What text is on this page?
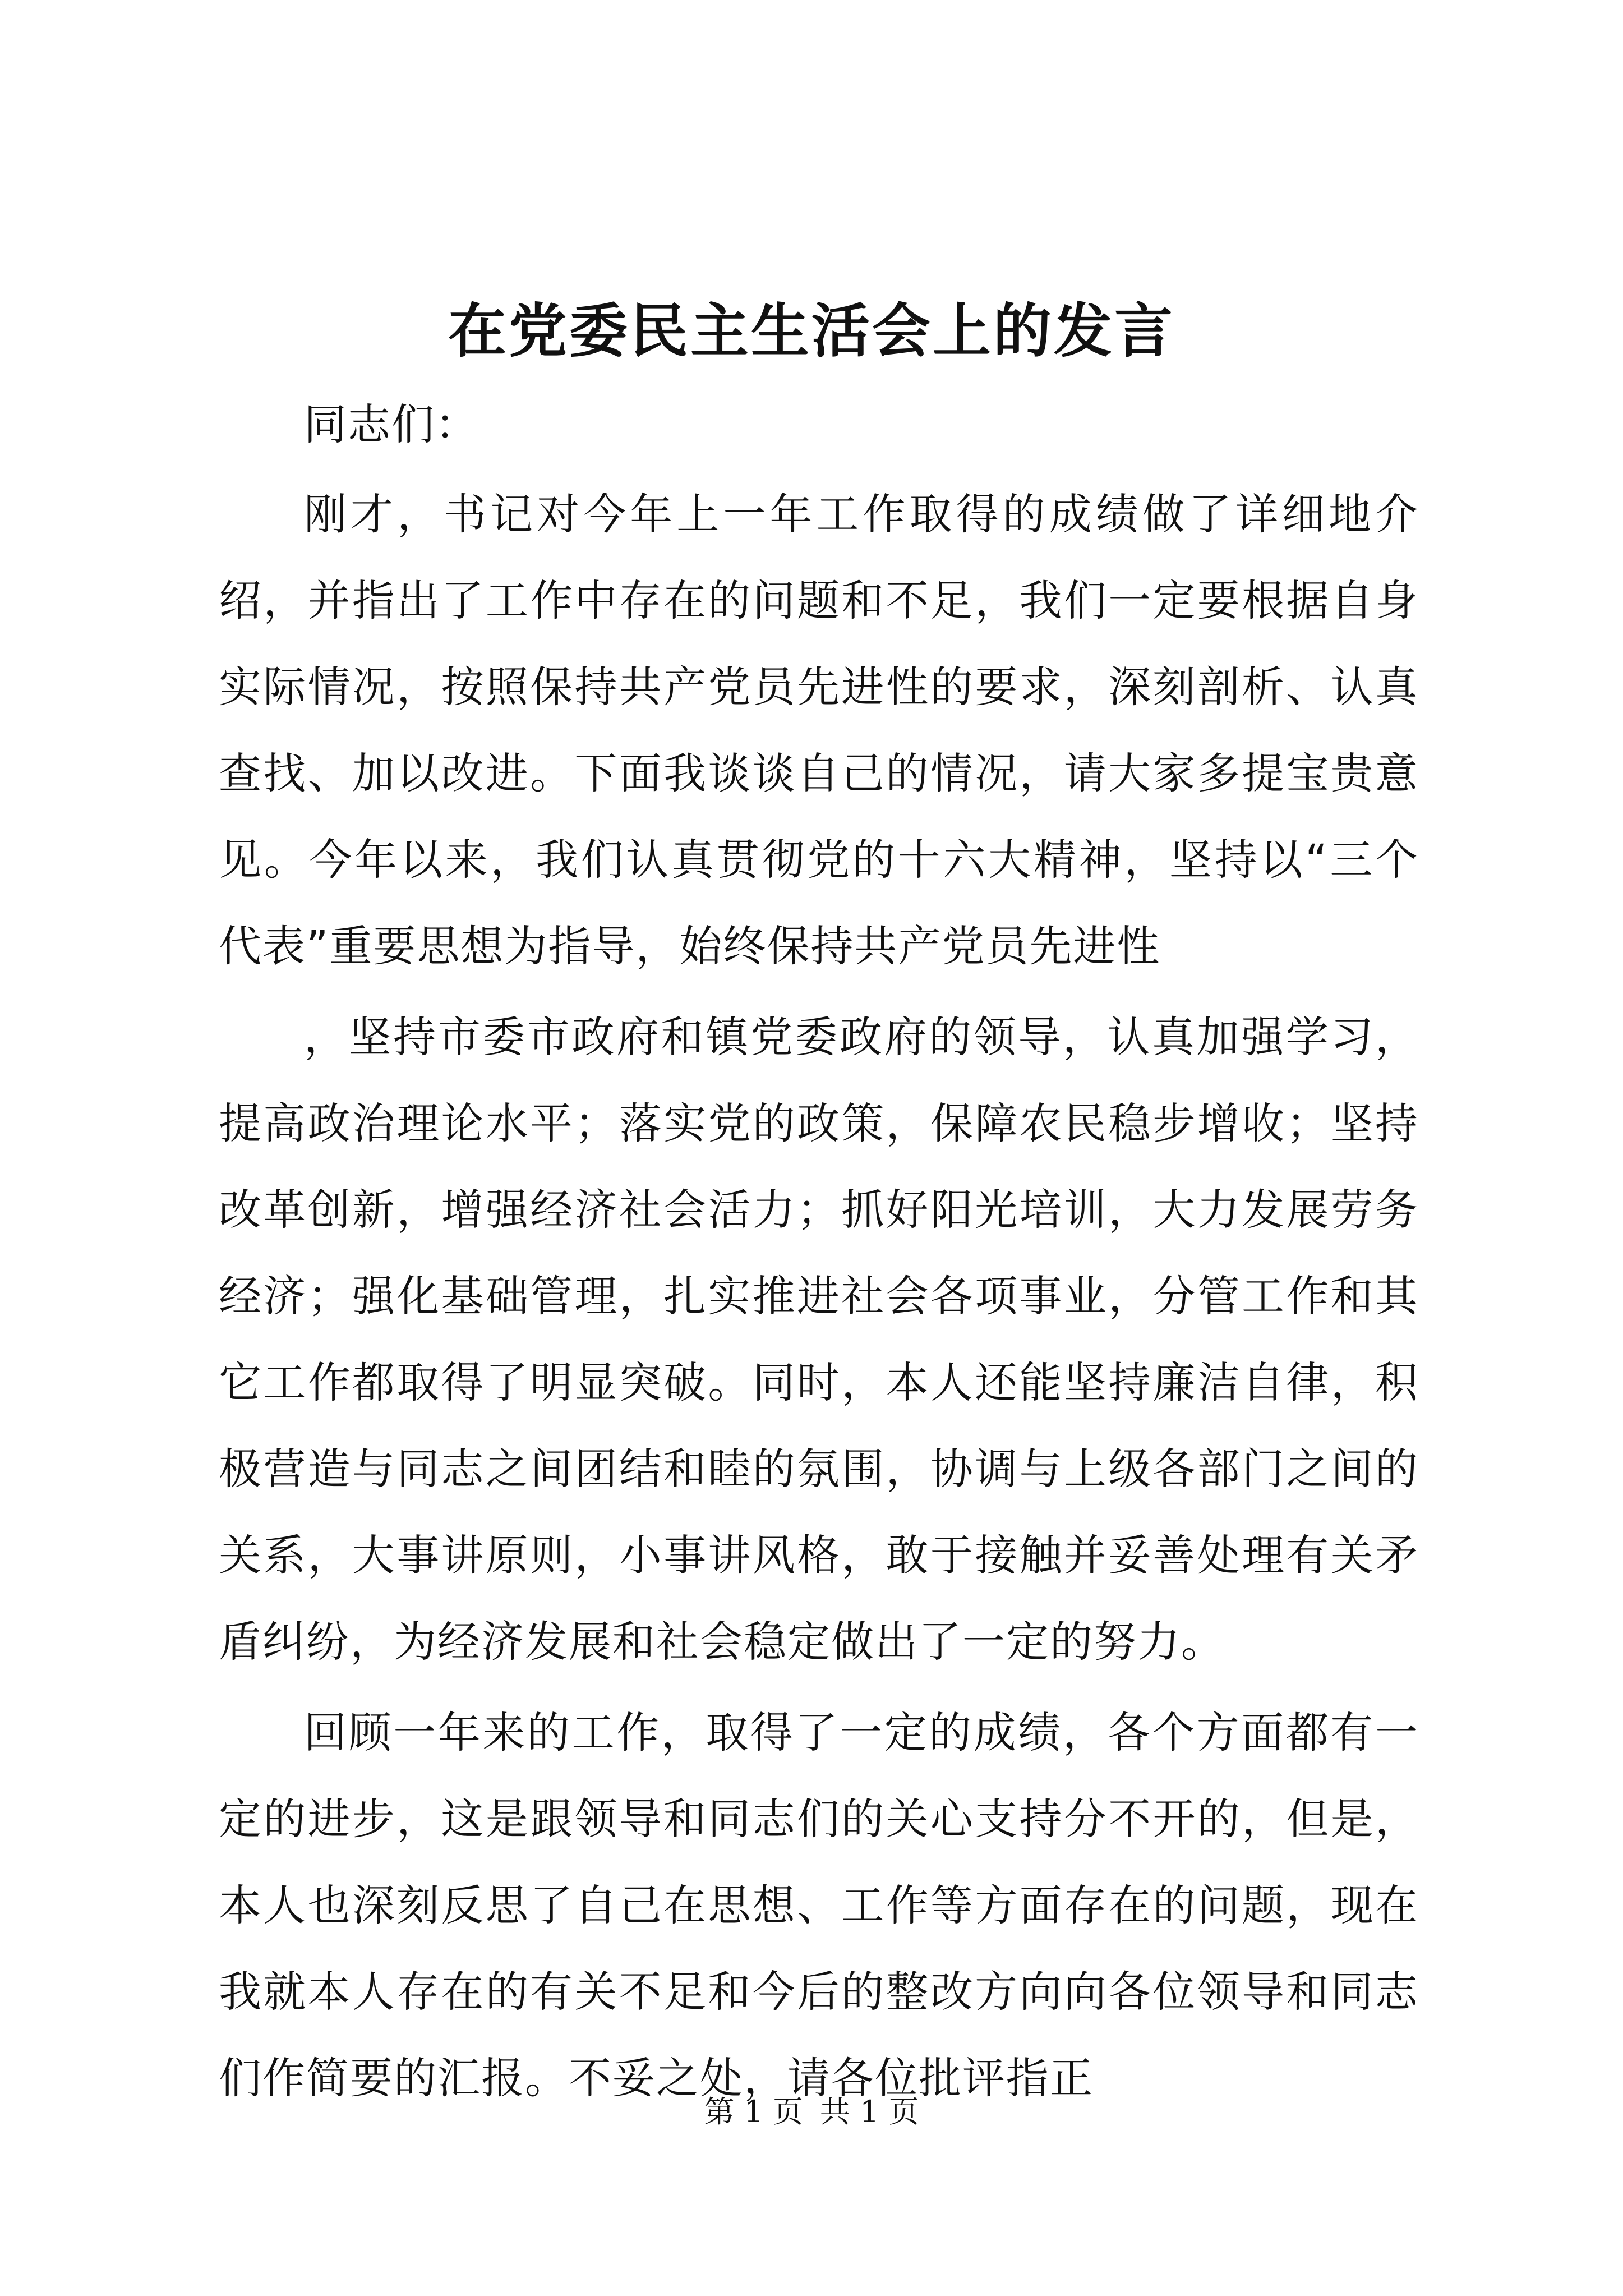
在党委民主生活会上的发言

同志们：

刚才，书记对今年上一年工作取得的成绩做了详细地介绍，并指出了工作中存在的问题和不足，我们一定要根据自身实际情况，按照保持共产党员先进性的要求，深刻剖析、认真查找、加以改进。下面我谈谈自己的情况，请大家多提宝贵意见。今年以来，我们认真贯彻党的十六大精神，坚持以“三个代表”重要思想为指导，始终保持共产党员先进性

，坚持市委市政府和镇党委政府的领导，认真加强学习，提高政治理论水平；落实党的政策，保障农民稳步增收；坚持改革创新，增强经济社会活力；抓好阳光培训，大力发展劳务经济；强化基础管理，扎实推进社会各项事业，分管工作和其它工作都取得了明显突破。同时，本人还能坚持廉洁自律，积极营造与同志之间团结和睦的氛围，协调与上级各部门之间的关系，大事讲原则，小事讲风格，敢于接触并妥善处理有关矛盾纠纷，为经济发展和社会稳定做出了一定的努力。

回顾一年来的工作，取得了一定的成绩，各个方面都有一定的进步，这是跟领导和同志们的关心支持分不开的，但是，本人也深刻反思了自己在思想、工作等方面存在的问题，现在我就本人存在的有关不足和今后的整改方向向各位领导和同志们作简要的汇报。不妥之处，请各位批评指正

第 1 页 共 1 页
